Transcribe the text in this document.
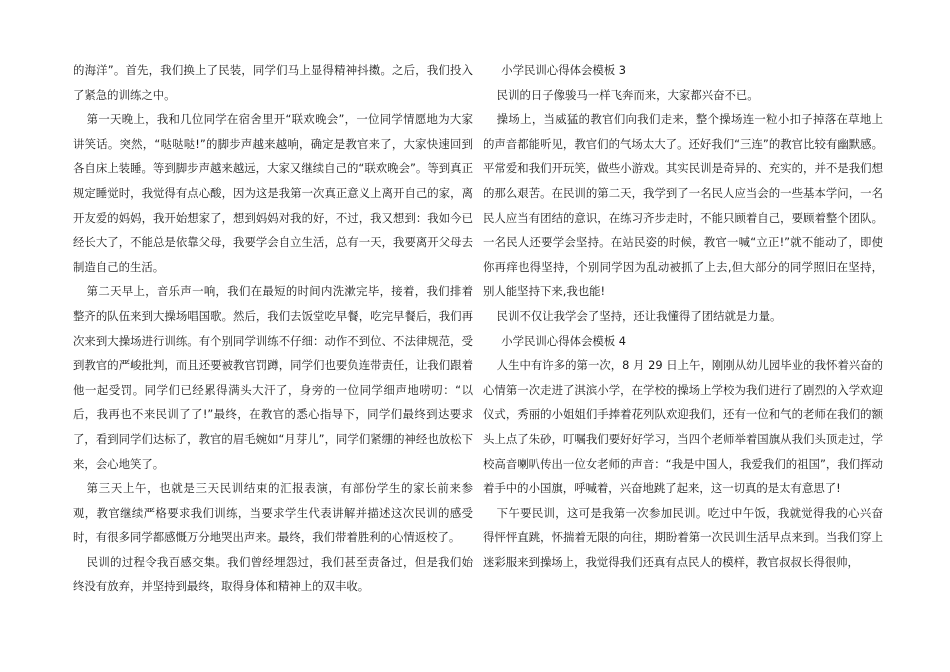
的海洋”。首先，我们换上了民装，同学们马上显得精神抖擞。之后，我们投入了紧急的训练之中。

第一天晚上，我和几位同学在宿舍里开“联欢晚会”，一位同学情愿地为大家讲笑话。突然，“哒哒哒!”的脚步声越来越响，确定是教官来了，大家快速回到各自床上装睡。等到脚步声越来越远，大家又继续自己的“联欢晚会”。等到真正规定睡觉时，我觉得有点心酸，因为这是我第一次真正意义上离开自己的家，离开友爱的妈妈，我开始想家了，想到妈妈对我的好，不过，我又想到：我如今已经长大了，不能总是依靠父母，我要学会自立生活，总有一天，我要离开父母去制造自己的生活。

第二天早上，音乐声一响，我们在最短的时间内洗漱完毕，接着，我们排着整齐的队伍来到大操场唱国歌。然后，我们去饭堂吃早餐，吃完早餐后，我们再次来到大操场进行训练。有个别同学训练不仔细：动作不到位、不法律规范，受到教官的严峻批判，而且还要被教官罚蹲，同学们也要负连带责任，让我们跟着他一起受罚。同学们已经累得满头大汗了，身旁的一位同学细声地唠叨：“以后，我再也不来民训了了!”最终，在教官的悉心指导下，同学们最终到达要求了，看到同学们达标了，教官的眉毛婉如“月芽儿”，同学们紧绷的神经也放松下来，会心地笑了。

第三天上午，也就是三天民训结束的汇报表演，有部份学生的家长前来参观，教官继续严格要求我们训练，当要求学生代表讲解并描述这次民训的感受时，有很多同学都感慨万分地哭出声来。最终，我们带着胜利的心情返校了。

民训的过程令我百感交集。我们曾经埋怨过，我们甚至责备过，但是我们始终没有放弃，并坚持到最终，取得身体和精神上的双丰收。

小学民训心得体会模板 3

民训的日子像骏马一样飞奔而来，大家都兴奋不已。

操场上，当威猛的教官们向我们走来，整个操场连一粒小扣子掉落在草地上的声音都能听见，教官们的气场太大了。还好我们“三连”的教官比较有幽默感。平常爱和我们开玩笑，做些小游戏。其实民训是奇异的、充实的，并不是我们想的那么艰苦。在民训的第二天，我学到了一名民人应当会的一些基本学问，一名民人应当有团结的意识，在练习齐步走时，不能只顾着自己，要顾着整个团队。一名民人还要学会坚持。在站民姿的时候，教官一喊“立正!”就不能动了，即使你再痒也得坚持，个别同学因为乱动被抓了上去,但大部分的同学照旧在坚持，别人能坚持下来,我也能!

民训不仅让我学会了坚持，还让我懂得了团结就是力量。

小学民训心得体会模板 4

人生中有许多的第一次，8 月 29 日上午，刚刚从幼儿园毕业的我怀着兴奋的心情第一次走进了淇滨小学，在学校的操场上学校为我们进行了剧烈的入学欢迎仪式，秀丽的小姐姐们手捧着花列队欢迎我们，还有一位和气的老师在我们的额头上点了朱砂，叮嘱我们要好好学习，当四个老师举着国旗从我们头顶走过，学校高音喇叭传出一位女老师的声音：“我是中国人，我爱我们的祖国”，我们挥动着手中的小国旗，呼喊着，兴奋地跳了起来，这一切真的是太有意思了!

下午要民训，这可是我第一次参加民训。吃过中午饭，我就觉得我的心兴奋得怦怦直跳，怀揣着无限的向往，期盼着第一次民训生活早点来到。当我们穿上迷彩服来到操场上，我觉得我们还真有点民人的模样，教官叔叔长得很帅，
